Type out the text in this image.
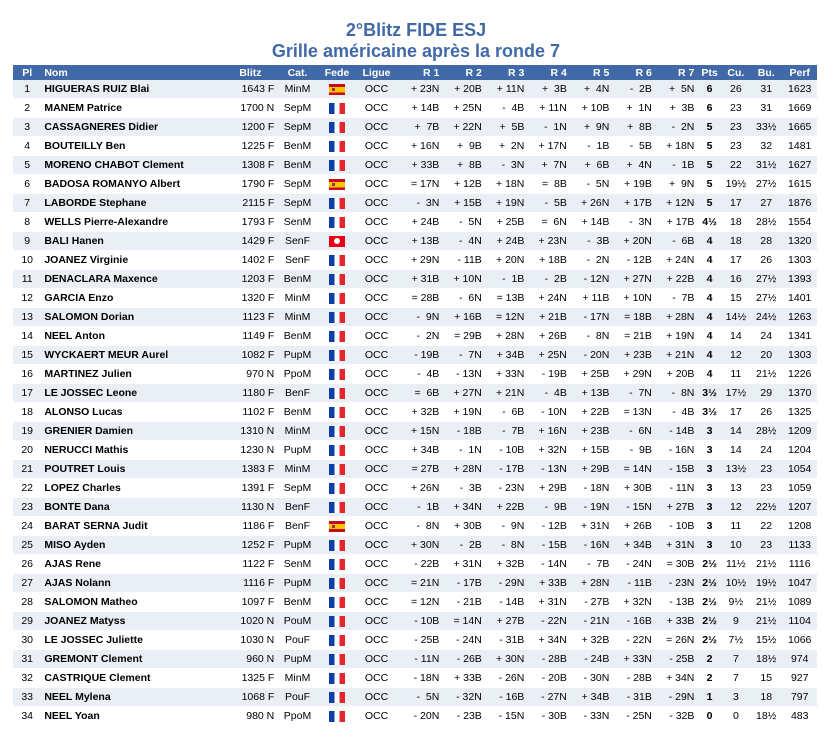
2°Blitz FIDE ESJ
Grille américaine après la ronde 7
Pl	Nom	Blitz	Cat.	Fede	Ligue	R 1	R 2	R 3	R 4	R 5	R 6	R 7	Pts	Cu.	Bu.	Perf
1	HIGUERAS RUIZ Blai	1643 F	MinM		OCC	+ 23N	+ 20B	+ 11N	+  3B	+  4N	-  2B	+  5N	6	26	31	1623
2	MANEM Patrice	1700 N	SepM		OCC	+ 14B	+ 25N	-  4B	+ 11N	+ 10B	+  1N	+  3B	6	23	31	1669
3	CASSAGNERES Didier	1200 F	SepM		OCC	+  7B	+ 22N	+  5B	-  1N	+  9N	+  8B	-  2N	5	23	33½	1665
4	BOUTEILLY Ben	1225 F	BenM		OCC	+ 16N	+  9B	+  2N	+ 17N	-  1B	-  5B	+ 18N	5	23	32	1481
5	MORENO CHABOT Clement	1308 F	BenM		OCC	+ 33B	+  8B	-  3N	+  7N	+  6B	+  4N	-  1B	5	22	31½	1627
6	BADOSA ROMANYO Albert	1790 F	SepM		OCC	= 17N	+ 12B	+ 18N	=  8B	-  5N	+ 19B	+  9N	5	19½	27½	1615
7	LABORDE Stephane	2115 F	SepM		OCC	-  3N	+ 15B	+ 19N	-  5B	+ 26N	+ 17B	+ 12N	5	17	27	1876
8	WELLS Pierre-Alexandre	1793 F	SenM		OCC	+ 24B	-  5N	+ 25B	=  6N	+ 14B	-  3N	+ 17B	4½	18	28½	1554
9	BALI Hanen	1429 F	SenF		OCC	+ 13B	-  4N	+ 24B	+ 23N	-  3B	+ 20N	-  6B	4	18	28	1320
10	JOANEZ Virginie	1402 F	SenF		OCC	+ 29N	- 11B	+ 20N	+ 18B	-  2N	- 12B	+ 24N	4	17	26	1303
11	DENACLARA Maxence	1203 F	BenM		OCC	+ 31B	+ 10N	-  1B	-  2B	- 12N	+ 27N	+ 22B	4	16	27½	1393
12	GARCIA Enzo	1320 F	MinM		OCC	= 28B	-  6N	= 13B	+ 24N	+ 11B	+ 10N	-  7B	4	15	27½	1401
13	SALOMON Dorian	1123 F	MinM		OCC	-  9N	+ 16B	= 12N	+ 21B	- 17N	= 18B	+ 28N	4	14½	24½	1263
14	NEEL Anton	1149 F	BenM		OCC	-  2N	= 29B	+ 28N	+ 26B	-  8N	= 21B	+ 19N	4	14	24	1341
15	WYCKAERT MEUR Aurel	1082 F	PupM		OCC	- 19B	-  7N	+ 34B	+ 25N	- 20N	+ 23B	+ 21N	4	12	20	1303
16	MARTINEZ Julien	970 N	PpoM		OCC	-  4B	- 13N	+ 33N	- 19B	+ 25B	+ 29N	+ 20B	4	11	21½	1226
17	LE JOSSEC Leone	1180 F	BenF		OCC	=  6B	+ 27N	+ 21N	-  4B	+ 13B	-  7N	-  8N	3½	17½	29	1370
18	ALONSO Lucas	1102 F	BenM		OCC	+ 32B	+ 19N	-  6B	- 10N	+ 22B	= 13N	-  4B	3½	17	26	1325
19	GRENIER Damien	1310 N	MinM		OCC	+ 15N	- 18B	-  7B	+ 16N	+ 23B	-  6N	- 14B	3	14	28½	1209
20	NERUCCI Mathis	1230 N	PupM		OCC	+ 34B	-  1N	- 10B	+ 32N	+ 15B	-  9B	- 16N	3	14	24	1204
21	POUTRET Louis	1383 F	MinM		OCC	= 27B	+ 28N	- 17B	- 13N	+ 29B	= 14N	- 15B	3	13½	23	1054
22	LOPEZ Charles	1391 F	SepM		OCC	+ 26N	-  3B	- 23N	+ 29B	- 18N	+ 30B	- 11N	3	13	23	1059
23	BONTE Dana	1130 N	BenF		OCC	-  1B	+ 34N	+ 22B	-  9B	- 19N	- 15N	+ 27B	3	12	22½	1207
24	BARAT SERNA Judit	1186 F	BenF		OCC	-  8N	+ 30B	-  9N	- 12B	+ 31N	+ 26B	- 10B	3	11	22	1208
25	MISO Ayden	1252 F	PupM		OCC	+ 30N	-  2B	-  8N	- 15B	- 16N	+ 34B	+ 31N	3	10	23	1133
26	AJAS Rene	1122 F	SenM		OCC	- 22B	+ 31N	+ 32B	- 14N	-  7B	- 24N	= 30B	2½	11½	21½	1116
27	AJAS Nolann	1116 F	PupM		OCC	= 21N	- 17B	- 29N	+ 33B	+ 28N	- 11B	- 23N	2½	10½	19½	1047
28	SALOMON Matheo	1097 F	BenM		OCC	= 12N	- 21B	- 14B	+ 31N	- 27B	+ 32N	- 13B	2½	9½	21½	1089
29	JOANEZ Matyss	1020 N	PouM		OCC	- 10B	= 14N	+ 27B	- 22N	- 21N	- 16B	+ 33B	2½	9	21½	1104
30	LE JOSSEC Juliette	1030 N	PouF		OCC	- 25B	- 24N	- 31B	+ 34N	+ 32B	- 22N	= 26N	2½	7½	15½	1066
31	GREMONT Clement	960 N	PupM		OCC	- 11N	- 26B	+ 30N	- 28B	- 24B	+ 33N	- 25B	2	7	18½	974
32	CASTRIQUE Clement	1325 F	MinM		OCC	- 18N	+ 33B	- 26N	- 20B	- 30N	- 28B	+ 34N	2	7	15	927
33	NEEL Mylena	1068 F	PouF		OCC	-  5N	- 32N	- 16B	- 27N	+ 34B	- 31B	- 29N	1	3	18	797
34	NEEL Yoan	980 N	PpoM		OCC	- 20N	- 23B	- 15N	- 30B	- 33N	- 25N	- 32B	0	0	18½	483
